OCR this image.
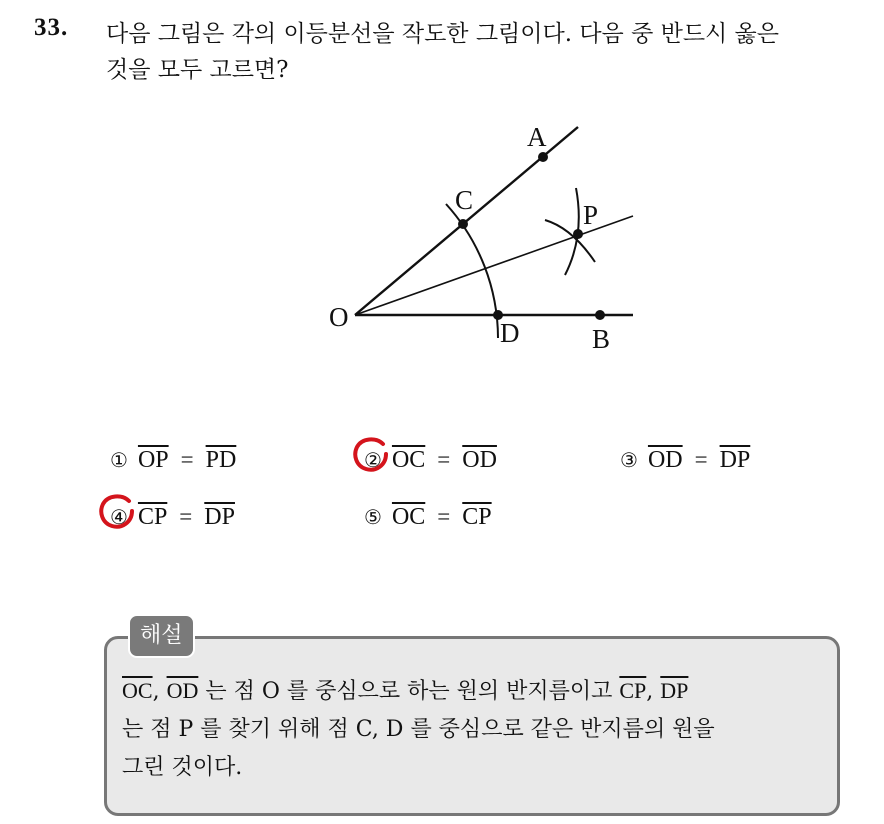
33. 다음 그림은 각의 이등분선을 작도한 그림이다. 다음 중 반드시 옳은
것을 모두 고르면?
A
C	P
O
D	B
① $\overline{OP} = \overline{PD}$	② $\overline{OC} = \overline{OD}$	③ $\overline{OD} = \overline{DP}$
④ $\overline{CP} = \overline{DP}$	⑤ $\overline{OC} = \overline{CP}$
해설
$\overline{OC}$, $\overline{OD}$ 는 점 O 를 중심으로 하는 원의 반지름이고 $\overline{CP}$, $\overline{DP}$
는 점 P 를 찾기 위해 점 C, D 를 중심으로 같은 반지름의 원을
그린 것이다.
